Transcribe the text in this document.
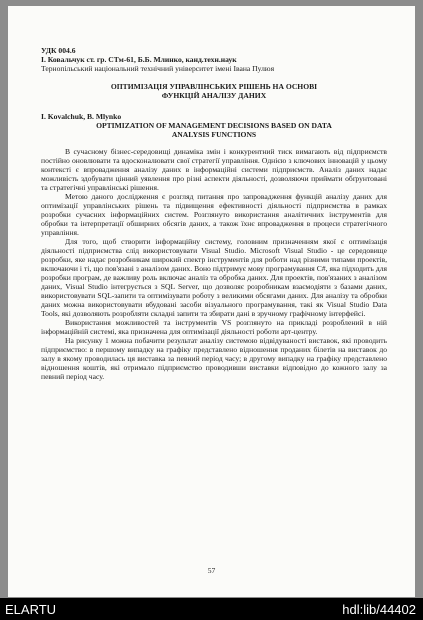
УДК 004.6

І. Ковальчук ст. гр. СТм-61, Б.Б. Млинко, канд.техн.наук

Тернопільський національний технічний університет імені Івана Пулюя

ОПТИМІЗАЦІЯ УПРАВЛІНСЬКИХ РІШЕНЬ НА ОСНОВІ
ФУНКЦІЙ АНАЛІЗУ ДАНИХ

I. Kovalchuk, B. Mlynko

OPTIMIZATION OF MANAGEMENT DECISIONS BASED ON DATA
ANALYSIS FUNCTIONS

В сучасному бізнес-середовищі динаміка змін і конкурентний тиск вимагають від підприємств постійно оновлювати та вдосконалювати свої стратегії управління. Однією з ключових інновацій у цьому контексті є впровадження аналізу даних в інформаційні системи підприємств. Аналіз даних надає можливість здобувати цінний уявлення про різні аспекти діяльності, дозволяючи приймати обґрунтовані та стратегічні управлінські рішення.

Метою даного дослідження є розгляд питання про запровадження функцій аналізу даних для оптимізації управлінських рішень та підвищення ефективності діяльності підприємства в рамках розробки сучасних інформаційних систем. Розглянуто використання аналітичних інструментів для обробки та інтерпретації обширних обсягів даних, а також їхнє впровадження в процеси стратегічного управління.

Для того, щоб створити інформаційну систему, головним призначенням якої є оптимізація діяльності підприємства слід використовувати Visual Studio. Microsoft Visual Studio - це середовище розробки, яке надає розробникам широкий спектр інструментів для роботи над різними типами проектів, включаючи і ті, що пов'язані з аналізом даних. Воно підтримує мову програмування C#, яка підходить для розробки програм, де важливу роль включає аналіз та обробка даних. Для проектів, пов'язаних з аналізом даних, Visual Studio інтегрується з SQL Server, що дозволяє розробникам взаємодіяти з базами даних, використовувати SQL-запити та оптимізувати роботу з великими обсягами даних. Для аналізу та обробки даних можна використовувати вбудовані засоби візуального програмування, такі як Visual Studio Data Tools, які дозволяють розробляти складні запити та збирати дані в зручному графічному інтерфейсі.

Використання можливостей та інструментів VS розглянуто на прикладі розроблений в ній інформаційній системі, яка призначена для оптимізації діяльності роботи арт-центру.

На рисунку 1 можна побачити результат аналізу системою відвідуваності виставок, які проводить підприємство: в першому випадку на графіку представлено відношення проданих білетів на виставок до залу в якому проводилась ця виставка за певний період часу; в другому випадку на графіку представлено відношення коштів, які отримало підприємство проводивши виставки відповідно до кожного залу за певний період часу.

57
ELARTU	hdl:lib/44402
